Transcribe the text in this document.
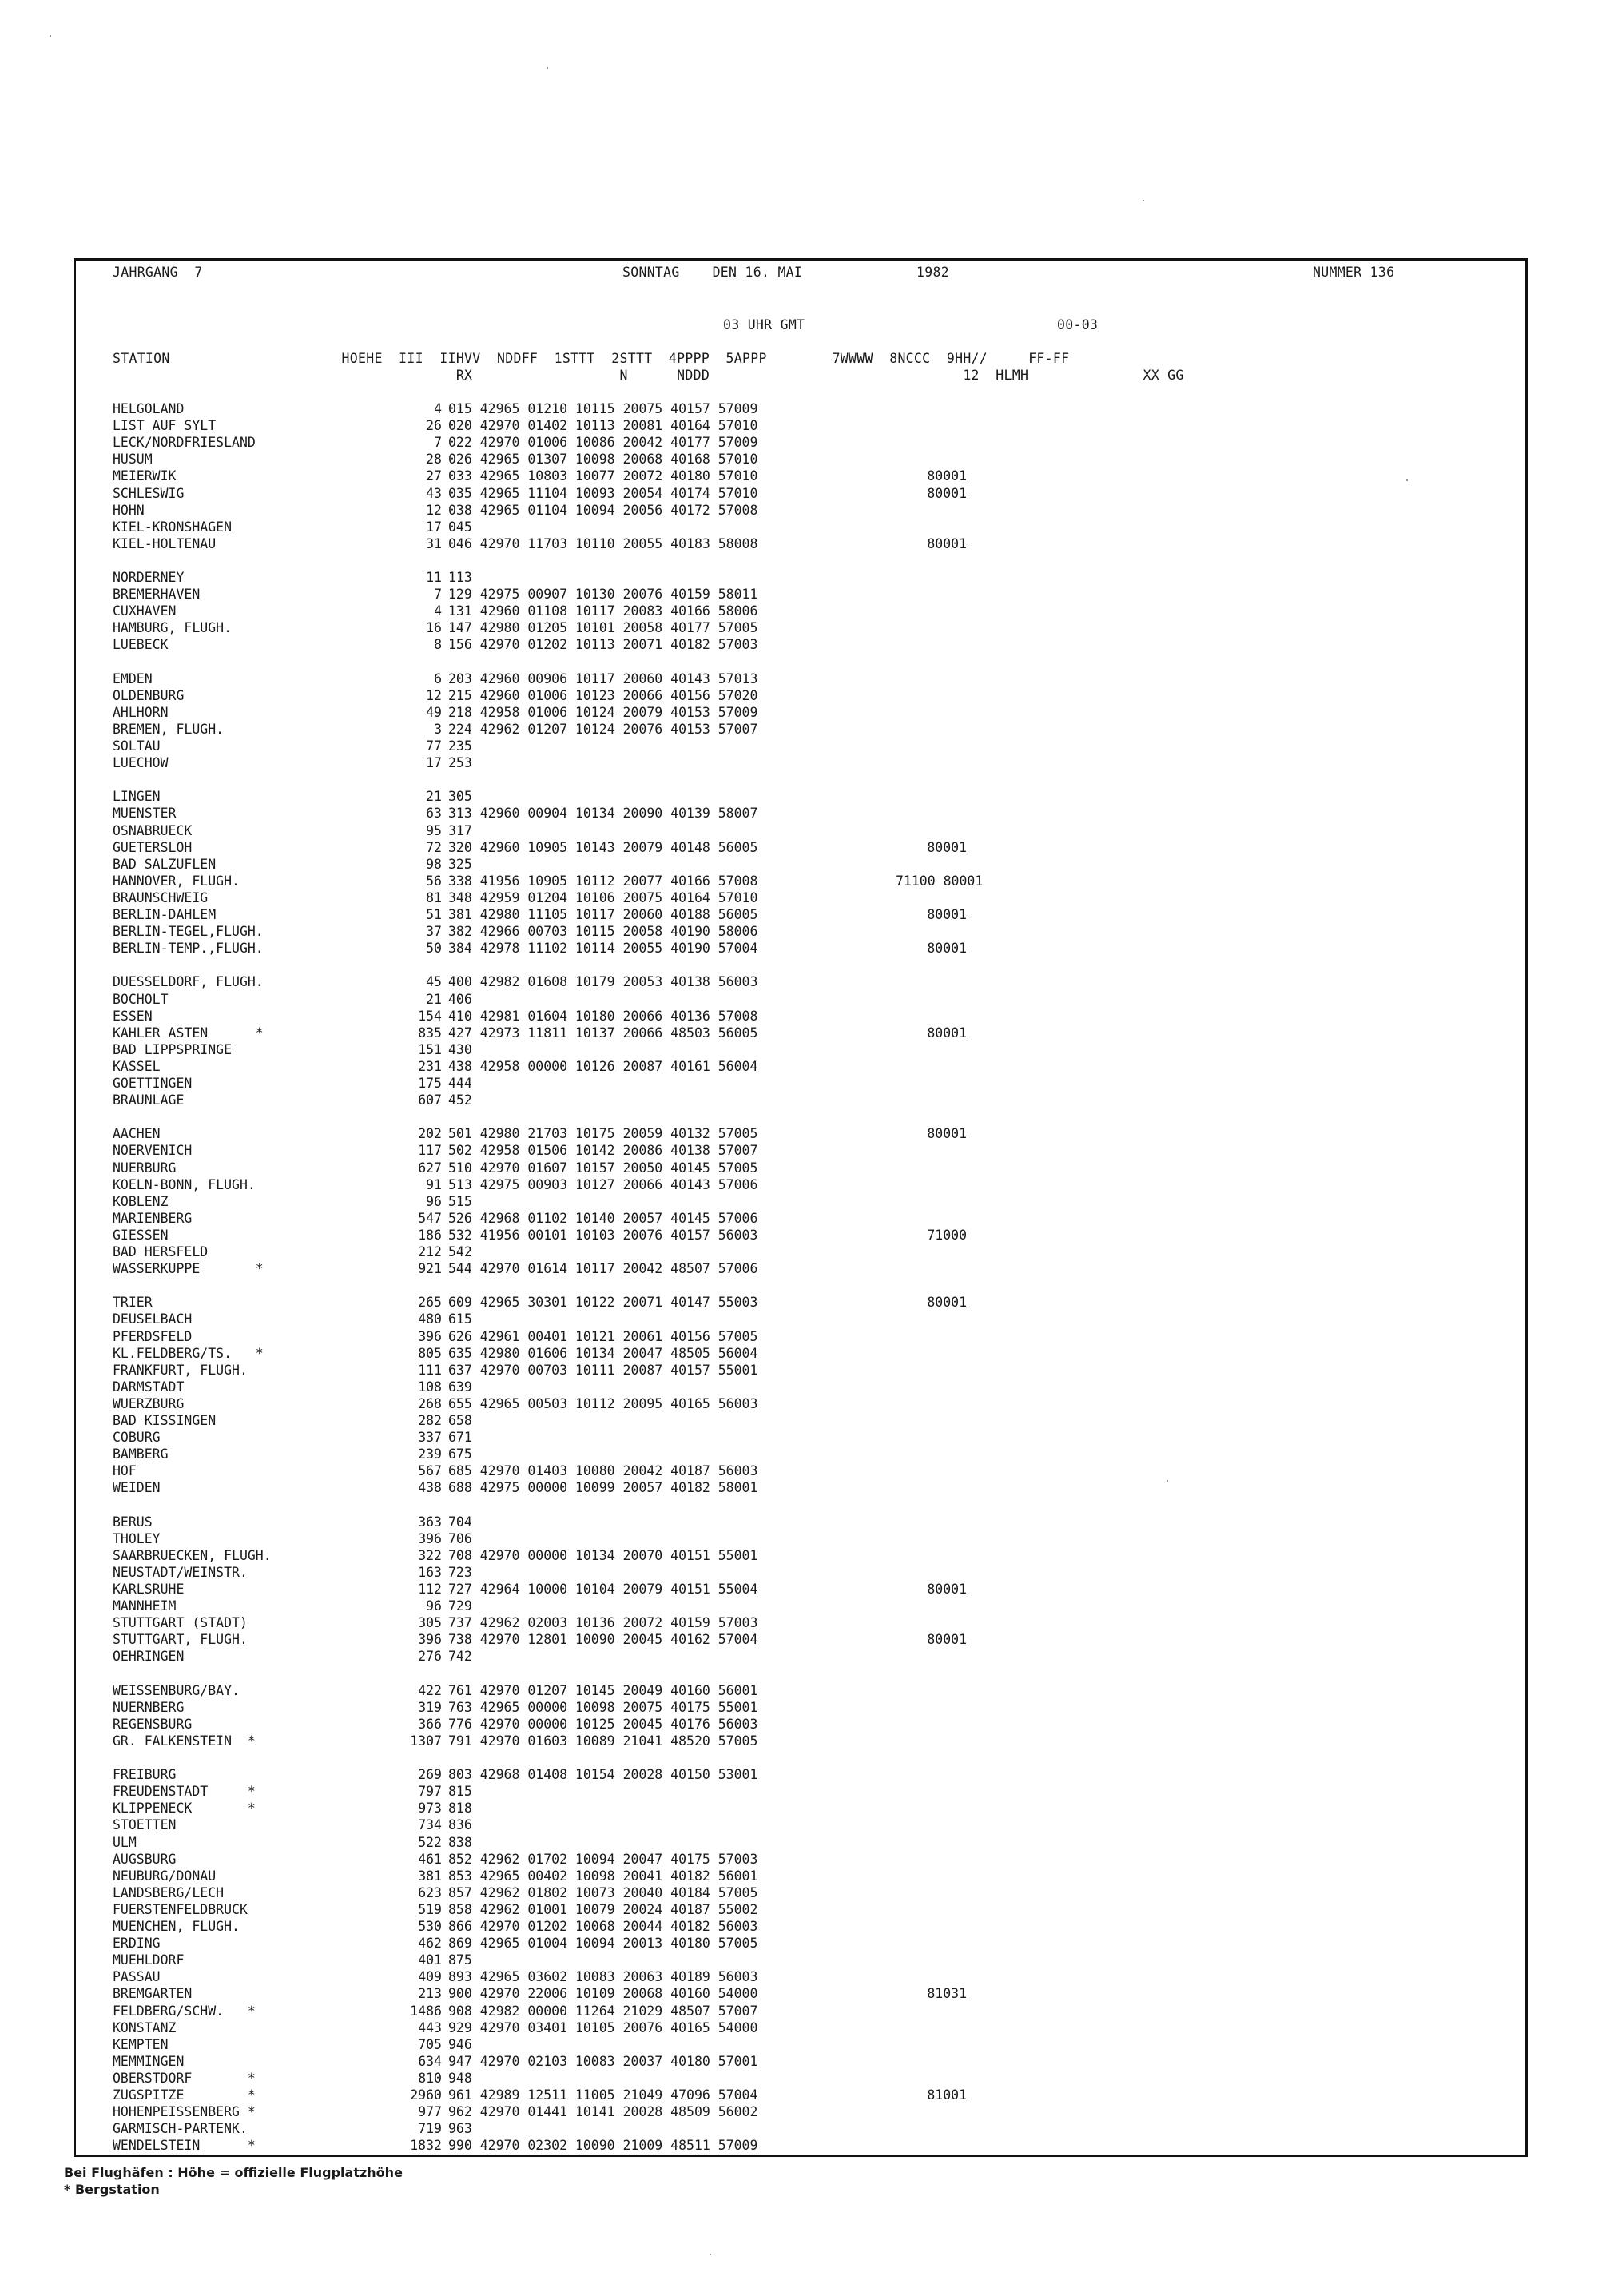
JAHRGANG  7	SONNTAG    DEN 16. MAI	1982	NUMMER 136
03 UHR GMT	00-03
STATION                     HOEHE  III  IIHVV  NDDFF  1STTT  2STTT  4PPPP  5APPP        7WWWW  8NCCC  9HH//     FF-FF
RX                  N      NDDD                               12  HLMH              XX GG
HELGOLAND	4 015 42965 01210 10115 20075 40157 57009
LIST AUF SYLT	26 020 42970 01402 10113 20081 40164 57010
LECK/NORDFRIESLAND	7 022 42970 01006 10086 20042 40177 57009
HUSUM	28 026 42965 01307 10098 20068 40168 57010
MEIERWIK	27 033 42965 10803 10077 20072 40180 57010	80001
SCHLESWIG	43 035 42965 11104 10093 20054 40174 57010	80001
HOHN	12 038 42965 01104 10094 20056 40172 57008
KIEL-KRONSHAGEN	17 045
KIEL-HOLTENAU	31 046 42970 11703 10110 20055 40183 58008	80001
NORDERNEY	11 113
BREMERHAVEN	7 129 42975 00907 10130 20076 40159 58011
CUXHAVEN	4 131 42960 01108 10117 20083 40166 58006
HAMBURG, FLUGH.	16 147 42980 01205 10101 20058 40177 57005
LUEBECK	8 156 42970 01202 10113 20071 40182 57003
EMDEN	6 203 42960 00906 10117 20060 40143 57013
OLDENBURG	12 215 42960 01006 10123 20066 40156 57020
AHLHORN	49 218 42958 01006 10124 20079 40153 57009
BREMEN, FLUGH.	3 224 42962 01207 10124 20076 40153 57007
SOLTAU	77 235
LUECHOW	17 253
LINGEN	21 305
MUENSTER	63 313 42960 00904 10134 20090 40139 58007
OSNABRUECK	95 317
GUETERSLOH	72 320 42960 10905 10143 20079 40148 56005	80001
BAD SALZUFLEN	98 325
HANNOVER, FLUGH.	56 338 41956 10905 10112 20077 40166 57008	71100 80001
BRAUNSCHWEIG	81 348 42959 01204 10106 20075 40164 57010
BERLIN-DAHLEM	51 381 42980 11105 10117 20060 40188 56005	80001
BERLIN-TEGEL,FLUGH.	37 382 42966 00703 10115 20058 40190 58006
BERLIN-TEMP.,FLUGH.	50 384 42978 11102 10114 20055 40190 57004	80001
DUESSELDORF, FLUGH.	45 400 42982 01608 10179 20053 40138 56003
BOCHOLT	21 406
ESSEN	154 410 42981 01604 10180 20066 40136 57008
KAHLER ASTEN      *	835 427 42973 11811 10137 20066 48503 56005	80001
BAD LIPPSPRINGE	151 430
KASSEL	231 438 42958 00000 10126 20087 40161 56004
GOETTINGEN	175 444
BRAUNLAGE	607 452
AACHEN	202 501 42980 21703 10175 20059 40132 57005	80001
NOERVENICH	117 502 42958 01506 10142 20086 40138 57007
NUERBURG	627 510 42970 01607 10157 20050 40145 57005
KOELN-BONN, FLUGH.	91 513 42975 00903 10127 20066 40143 57006
KOBLENZ	96 515
MARIENBERG	547 526 42968 01102 10140 20057 40145 57006
GIESSEN	186 532 41956 00101 10103 20076 40157 56003	71000
BAD HERSFELD	212 542
WASSERKUPPE       *	921 544 42970 01614 10117 20042 48507 57006
TRIER	265 609 42965 30301 10122 20071 40147 55003	80001
DEUSELBACH	480 615
PFERDSFELD	396 626 42961 00401 10121 20061 40156 57005
KL.FELDBERG/TS.   *	805 635 42980 01606 10134 20047 48505 56004
FRANKFURT, FLUGH.	111 637 42970 00703 10111 20087 40157 55001
DARMSTADT	108 639
WUERZBURG	268 655 42965 00503 10112 20095 40165 56003
BAD KISSINGEN	282 658
COBURG	337 671
BAMBERG	239 675
HOF	567 685 42970 01403 10080 20042 40187 56003
WEIDEN	438 688 42975 00000 10099 20057 40182 58001
BERUS	363 704
THOLEY	396 706
SAARBRUECKEN, FLUGH.	322 708 42970 00000 10134 20070 40151 55001
NEUSTADT/WEINSTR.	163 723
KARLSRUHE	112 727 42964 10000 10104 20079 40151 55004	80001
MANNHEIM	96 729
STUTTGART (STADT)	305 737 42962 02003 10136 20072 40159 57003
STUTTGART, FLUGH.	396 738 42970 12801 10090 20045 40162 57004	80001
OEHRINGEN	276 742
WEISSENBURG/BAY.	422 761 42970 01207 10145 20049 40160 56001
NUERNBERG	319 763 42965 00000 10098 20075 40175 55001
REGENSBURG	366 776 42970 00000 10125 20045 40176 56003
GR. FALKENSTEIN  *	1307 791 42970 01603 10089 21041 48520 57005
FREIBURG	269 803 42968 01408 10154 20028 40150 53001
FREUDENSTADT     *	797 815
KLIPPENECK       *	973 818
STOETTEN	734 836
ULM	522 838
AUGSBURG	461 852 42962 01702 10094 20047 40175 57003
NEUBURG/DONAU	381 853 42965 00402 10098 20041 40182 56001
LANDSBERG/LECH	623 857 42962 01802 10073 20040 40184 57005
FUERSTENFELDBRUCK	519 858 42962 01001 10079 20024 40187 55002
MUENCHEN, FLUGH.	530 866 42970 01202 10068 20044 40182 56003
ERDING	462 869 42965 01004 10094 20013 40180 57005
MUEHLDORF	401 875
PASSAU	409 893 42965 03602 10083 20063 40189 56003
BREMGARTEN	213 900 42970 22006 10109 20068 40160 54000	81031
FELDBERG/SCHW.   *	1486 908 42982 00000 11264 21029 48507 57007
KONSTANZ	443 929 42970 03401 10105 20076 40165 54000
KEMPTEN	705 946
MEMMINGEN	634 947 42970 02103 10083 20037 40180 57001
OBERSTDORF       *	810 948
ZUGSPITZE        *	2960 961 42989 12511 11005 21049 47096 57004	81001
HOHENPEISSENBERG *	977 962 42970 01441 10141 20028 48509 56002
GARMISCH-PARTENK.	719 963
WENDELSTEIN      *	1832 990 42970 02302 10090 21009 48511 57009
Bei Flughäfen : Höhe = offizielle Flugplatzhöhe
* Bergstation
